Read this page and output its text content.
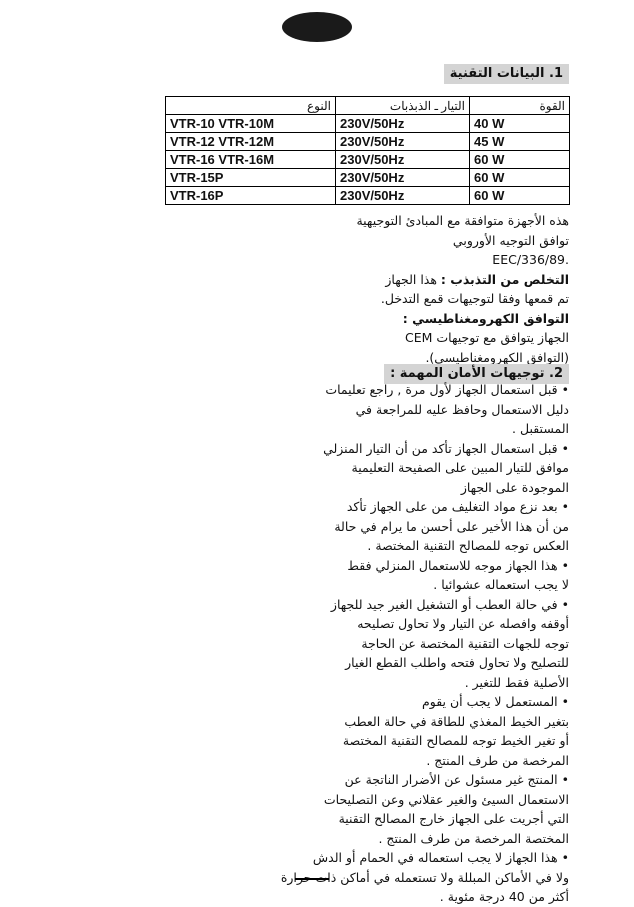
1. البيانات التقنية
النوع	التيار ـ الذبذبات	القوة
VTR-10 VTR-10M	230V/50Hz	40 W
VTR-12 VTR-12M	230V/50Hz	45 W
VTR-16 VTR-16M	230V/50Hz	60 W
VTR-15P	230V/50Hz	60 W
VTR-16P	230V/50Hz	60 W
هذه الأجهزة متوافقة مع المبادئ التوجيهية
توافق التوجيه الأوروبي
.EEC/336/89
التخلص من التذبذب : هذا الجهاز
تم قمعها وفقا لتوجيهات قمع التدخل.
التوافق الكهرومغناطيسي :
الجهاز يتوافق مع توجيهات CEM
(التوافق الكهرومغناطيسي).
2. توجيهات الأمان المهمة :
• قبل استعمال الجهاز لأول مرة , راجع تعليمات
دليل الاستعمال وحافظ عليه للمراجعة في
المستقبل .
• قبل استعمال الجهاز تأكد من أن التيار المنزلي
موافق للتيار المبين على الصفيحة التعليمية
الموجودة على الجهاز
• بعد نزع مواد التغليف من على الجهاز تأكد
من أن هذا الأخير على أحسن ما يرام في حالة
العكس توجه للمصالح التقنية المختصة .
• هذا الجهاز موجه للاستعمال المنزلي فقط
لا يجب استعماله عشوائيا .
• في حالة العطب أو التشغيل الغير جيد للجهاز
أوقفه وافصله عن التيار ولا تحاول تصليحه
توجه للجهات التقنية المختصة عن الحاجة
للتصليح ولا تحاول فتحه واطلب القطع الغيار
الأصلية فقط للتغير .
• المستعمل لا يجب أن يقوم
بتغير الخيط المغذي للطاقة في حالة العطب
أو تغير الخيط توجه للمصالح التقنية المختصة
المرخصة من طرف المنتج .
• المنتج غير مسئول عن الأضرار الناتجة عن
الاستعمال السيئ والغير عقلاني وعن التصليحات
التي أجريت على الجهاز خارج المصالح التقنية
المختصة المرخصة من طرف المنتج .
• هذا الجهاز لا يجب استعماله في الحمام أو الدش
ولا في الأماكن المبللة ولا تستعمله في أماكن ذات حرارة
أكثر من 40 درجة مئوية .
